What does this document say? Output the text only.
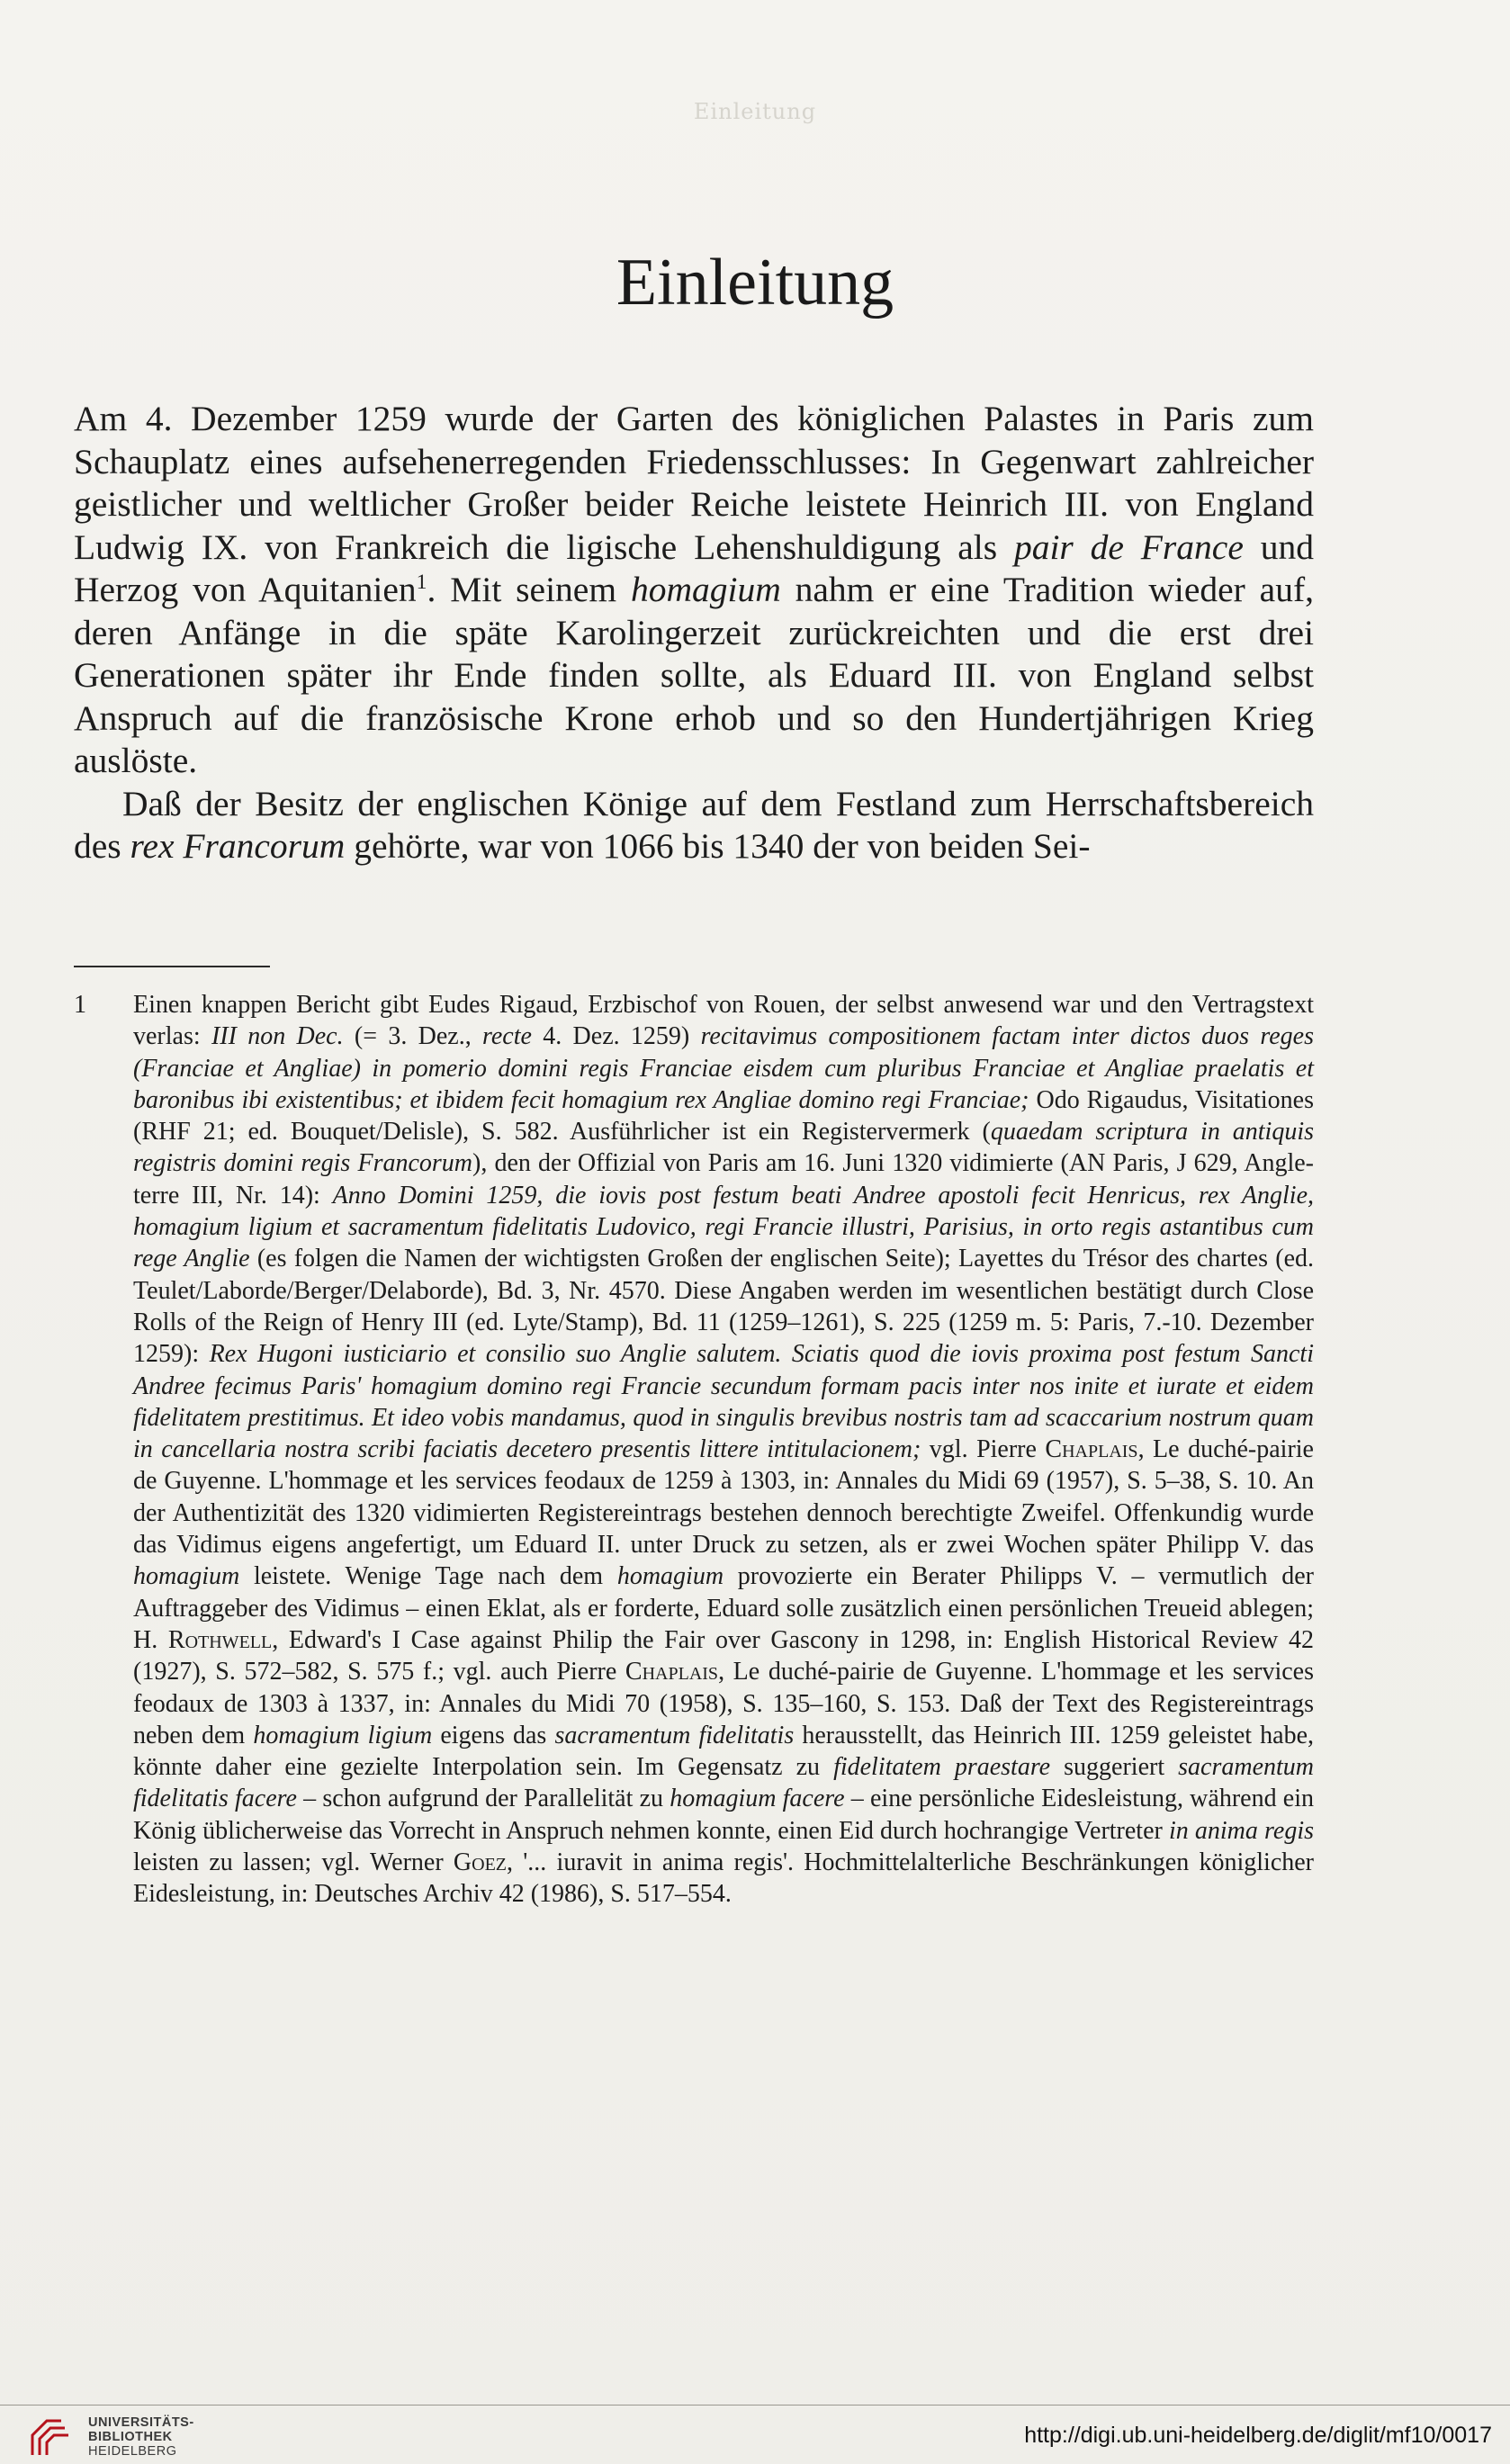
Einleitung
Einleitung

Am 4. Dezember 1259 wurde der Garten des königlichen Palastes in Paris zum Schauplatz eines aufsehenerregenden Friedensschlusses: In Gegenwart zahlreicher geistlicher und weltlicher Großer beider Reiche leistete Heinrich III. von England Ludwig IX. von Frankreich die ligische Lehenshuldigung als pair de France und Herzog von Aquitanien$^1$. Mit seinem homagium nahm er eine Tradition wieder auf, deren Anfänge in die späte Karolingerzeit zurückreichten und die erst drei Generationen später ihr Ende finden sollte, als Eduard III. von England selbst Anspruch auf die französische Krone erhob und so den Hundertjährigen Krieg auslöste.

Daß der Besitz der englischen Könige auf dem Festland zum Herrschaftsbereich des rex Francorum gehörte, war von 1066 bis 1340 der von beiden Sei-

1 Einen knappen Bericht gibt Eudes Rigaud, Erzbischof von Rouen, der selbst anwesend war und den Vertragstext verlas: III non Dec. (= 3. Dez., recte 4. Dez. 1259) recitavimus compositionem factam inter dictos duos reges (Franciae et Angliae) in pomerio domini regis Franciae eisdem cum pluribus Franciae et Angliae praelatis et baronibus ibi existentibus; et ibidem fecit homagium rex Angliae domino regi Franciae; Odo Rigaudus, Visitationes (RHF 21; ed. Bouquet/Delisle), S. 582. Ausführlicher ist ein Registervermerk (quaedam scriptura in antiquis registris domini regis Francorum), den der Offizial von Paris am 16. Juni 1320 vidimierte (AN Paris, J 629, Angleterre III, Nr. 14): Anno Domini 1259, die iovis post festum beati Andree apostoli fecit Henricus, rex Anglie, homagium ligium et sacramentum fidelitatis Ludovico, regi Francie illustri, Parisius, in orto regis astantibus cum rege Anglie (es folgen die Namen der wichtigsten Großen der englischen Seite); Layettes du Trésor des chartes (ed. Teulet/Laborde/Berger/Delaborde), Bd. 3, Nr. 4570. Diese Angaben werden im wesentlichen bestätigt durch Close Rolls of the Reign of Henry III (ed. Lyte/Stamp), Bd. 11 (1259–1261), S. 225 (1259 m. 5: Paris, 7.-10. Dezember 1259): Rex Hugoni iusticiario et consilio suo Anglie salutem. Sciatis quod die iovis proxima post festum Sancti Andree fecimus Paris' homagium domino regi Francie secundum formam pacis inter nos inite et iurate et eidem fidelitatem prestitimus. Et ideo vobis mandamus, quod in singulis brevibus nostris tam ad scaccarium nostrum quam in cancellaria nostra scribi faciatis decetero presentis littere intitulacionem; vgl. Pierre Chaplais, Le duché-pairie de Guyenne. L'hommage et les services feodaux de 1259 à 1303, in: Annales du Midi 69 (1957), S. 5–38, S. 10. An der Authentizität des 1320 vidimierten Registereintrags bestehen dennoch berechtigte Zweifel. Offenkundig wurde das Vidimus eigens angefertigt, um Eduard II. unter Druck zu setzen, als er zwei Wochen später Philipp V. das homagium leistete. Wenige Tage nach dem homagium provozierte ein Berater Philipps V. – vermutlich der Auftraggeber des Vidimus – einen Eklat, als er forderte, Eduard solle zusätzlich einen persönlichen Treueid ablegen; H. Rothwell, Edward's I Case against Philip the Fair over Gascony in 1298, in: English Historical Review 42 (1927), S. 572–582, S. 575 f.; vgl. auch Pierre Chaplais, Le duché-pairie de Guyenne. L'hommage et les services feodaux de 1303 à 1337, in: Annales du Midi 70 (1958), S. 135–160, S. 153. Daß der Text des Registereintrags neben dem homagium ligium eigens das sacramentum fidelitatis herausstellt, das Heinrich III. 1259 geleistet habe, könnte daher eine gezielte Interpolation sein. Im Gegensatz zu fidelitatem praestare suggeriert sacramentum fidelitatis facere – schon aufgrund der Parallelität zu homagium facere – eine persönliche Eidesleistung, während ein König üblicherweise das Vorrecht in Anspruch nehmen konnte, einen Eid durch hochrangige Vertreter in anima regis leisten zu lassen; vgl. Werner Goez, '... iuravit in anima regis'. Hochmittelalterliche Beschränkungen königlicher Eidesleistung, in: Deutsches Archiv 42 (1986), S. 517–554.
UNIVERSITÄTS-
BIBLIOTHEK
HEIDELBERG
http://digi.ub.uni-heidelberg.de/diglit/mf10/0017
